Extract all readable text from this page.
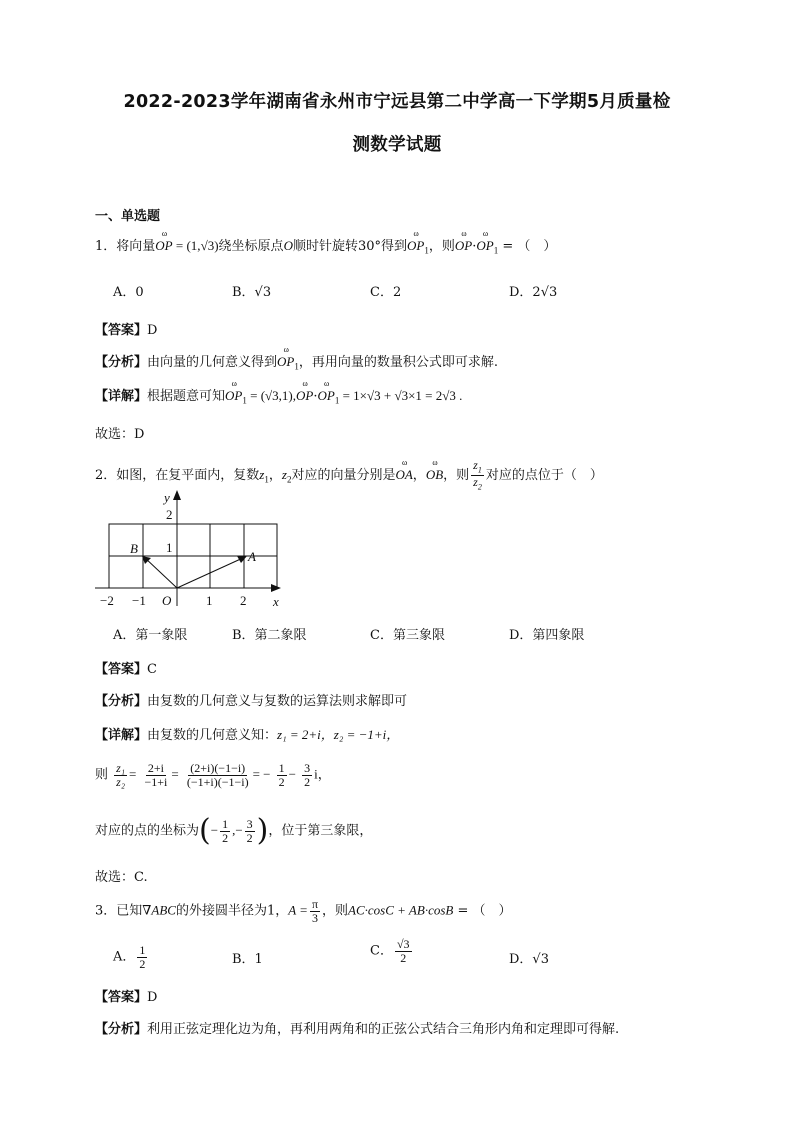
2022-2023学年湖南省永州市宁远县第二中学高一下学期5月质量检
测数学试题
一、单选题
1．将向量ω OP = (1,√3)绕坐标原点O顺时针旋转30°得到ω $OP_1$，则ω OP·ω $OP_1$ = （　）
A．0	B．√3	C．2	D．2√3
【答案】D
【分析】由向量的几何意义得到ω $OP_1$，再用向量的数量积公式即可求解.
【详解】根据题意可知ω $OP_1 = (√3,1),\omega$ OP·ω $OP_1 = 1\times√3 + √3\times 1 = 2√3$ .
故选：D
2．如图，在复平面内，复数$z_1$，$z_2$对应的向量分别是ω OA，ω OB，则 $\frac{z_1}{z_2}$ 对应的点位于（　）
y
x
2
1
−2 −1 O	1 2
A
B
A．第一象限	B．第二象限	C．第三象限	D．第四象限
【答案】C
【分析】由复数的几何意义与复数的运算法则求解即可
【详解】由复数的几何意义知：z₁ = 2+i，z₂ = −1+i，
则 $\frac{\text{z₁}}{\text{z₂}} = \frac{2+i}{-1+i} = \frac{(2+i)(-1-i)}{(-1+i)(-1-i)}$ = − $\frac{1}{2} - \frac{3}{2}$ i，
对应的点的坐标为(− $\frac{1}{2}$ ,− $\frac{3}{2}$ )，位于第三象限，
故选：C.
3．已知∇ABC的外接圆半径为1，$A = \frac{\pi}{3}$ ，则AC·cosC + AB·cosB = （　）
A． $\frac{1}{2}$	B．1
C． $\frac{√3}{2}$	D．√3
【答案】D
【分析】利用正弦定理化边为角，再利用两角和的正弦公式结合三角形内角和定理即可得解.
